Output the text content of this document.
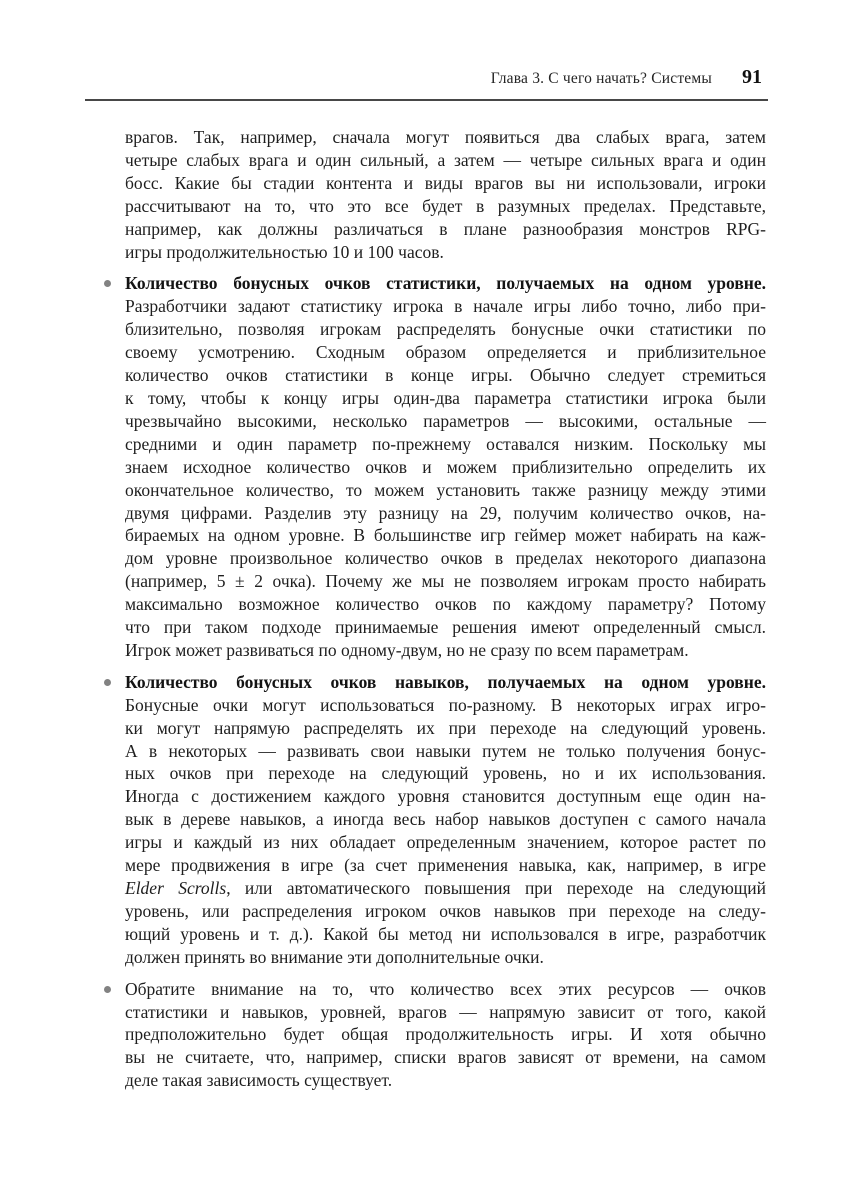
Глава 3. С чего начать? Системы 91
врагов. Так, например, сначала могут появиться два слабых врага, затем
четыре слабых врага и один сильный, а затем — четыре сильных врага и один
босс. Какие бы стадии контента и виды врагов вы ни использовали, игроки
рассчитывают на то, что это все будет в разумных пределах. Представьте,
например, как должны различаться в плане разнообразия монстров RPG-
игры продолжительностью 10 и 100 часов.
Количество бонусных очков статистики, получаемых на одном уровне.
Разработчики задают статистику игрока в начале игры либо точно, либо при-
близительно, позволяя игрокам распределять бонусные очки статистики по
своему усмотрению. Сходным образом определяется и приблизительное
количество очков статистики в конце игры. Обычно следует стремиться
к тому, чтобы к концу игры один-два параметра статистики игрока были
чрезвычайно высокими, несколько параметров — высокими, остальные —
средними и один параметр по-прежнему оставался низким. Поскольку мы
знаем исходное количество очков и можем приблизительно определить их
окончательное количество, то можем установить также разницу между этими
двумя цифрами. Разделив эту разницу на 29, получим количество очков, на-
бираемых на одном уровне. В большинстве игр геймер может набирать на каж-
дом уровне произвольное количество очков в пределах некоторого диапазона
(например, 5 ± 2 очка). Почему же мы не позволяем игрокам просто набирать
максимально возможное количество очков по каждому параметру? Потому
что при таком подходе принимаемые решения имеют определенный смысл.
Игрок может развиваться по одному-двум, но не сразу по всем параметрам.
Количество бонусных очков навыков, получаемых на одном уровне.
Бонусные очки могут использоваться по-разному. В некоторых играх игро-
ки могут напрямую распределять их при переходе на следующий уровень.
А в некоторых — развивать свои навыки путем не только получения бонус-
ных очков при переходе на следующий уровень, но и их использования.
Иногда с достижением каждого уровня становится доступным еще один на-
вык в дереве навыков, а иногда весь набор навыков доступен с самого начала
игры и каждый из них обладает определенным значением, которое растет по
мере продвижения в игре (за счет применения навыка, как, например, в игре
Elder Scrolls, или автоматического повышения при переходе на следующий
уровень, или распределения игроком очков навыков при переходе на следу-
ющий уровень и т. д.). Какой бы метод ни использовался в игре, разработчик
должен принять во внимание эти дополнительные очки.
Обратите внимание на то, что количество всех этих ресурсов — очков
статистики и навыков, уровней, врагов — напрямую зависит от того, какой
предположительно будет общая продолжительность игры. И хотя обычно
вы не считаете, что, например, списки врагов зависят от времени, на самом
деле такая зависимость существует.
